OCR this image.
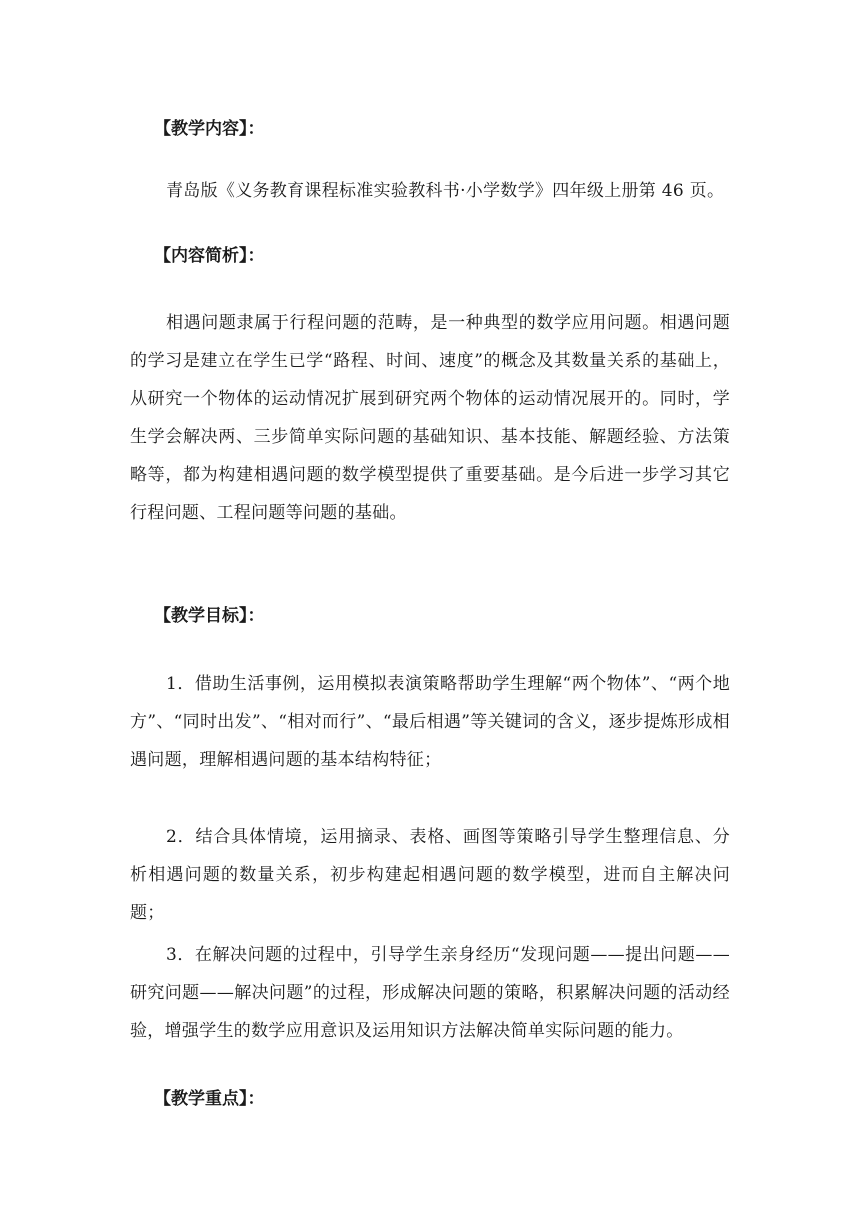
【教学内容】：

青岛版《义务教育课程标准实验教科书·小学数学》四年级上册第 46 页。

【内容简析】：

相遇问题隶属于行程问题的范畴，是一种典型的数学应用问题。相遇问题的学习是建立在学生已学“路程、时间、速度”的概念及其数量关系的基础上，从研究一个物体的运动情况扩展到研究两个物体的运动情况展开的。同时，学生学会解决两、三步简单实际问题的基础知识、基本技能、解题经验、方法策略等，都为构建相遇问题的数学模型提供了重要基础。是今后进一步学习其它行程问题、工程问题等问题的基础。

【教学目标】：

1．借助生活事例，运用模拟表演策略帮助学生理解“两个物体”、“两个地方”、“同时出发”、“相对而行”、“最后相遇”等关键词的含义，逐步提炼形成相遇问题，理解相遇问题的基本结构特征；

2．结合具体情境，运用摘录、表格、画图等策略引导学生整理信息、分析相遇问题的数量关系，初步构建起相遇问题的数学模型，进而自主解决问题；

3．在解决问题的过程中，引导学生亲身经历“发现问题——提出问题——研究问题——解决问题”的过程，形成解决问题的策略，积累解决问题的活动经验，增强学生的数学应用意识及运用知识方法解决简单实际问题的能力。

【教学重点】：
